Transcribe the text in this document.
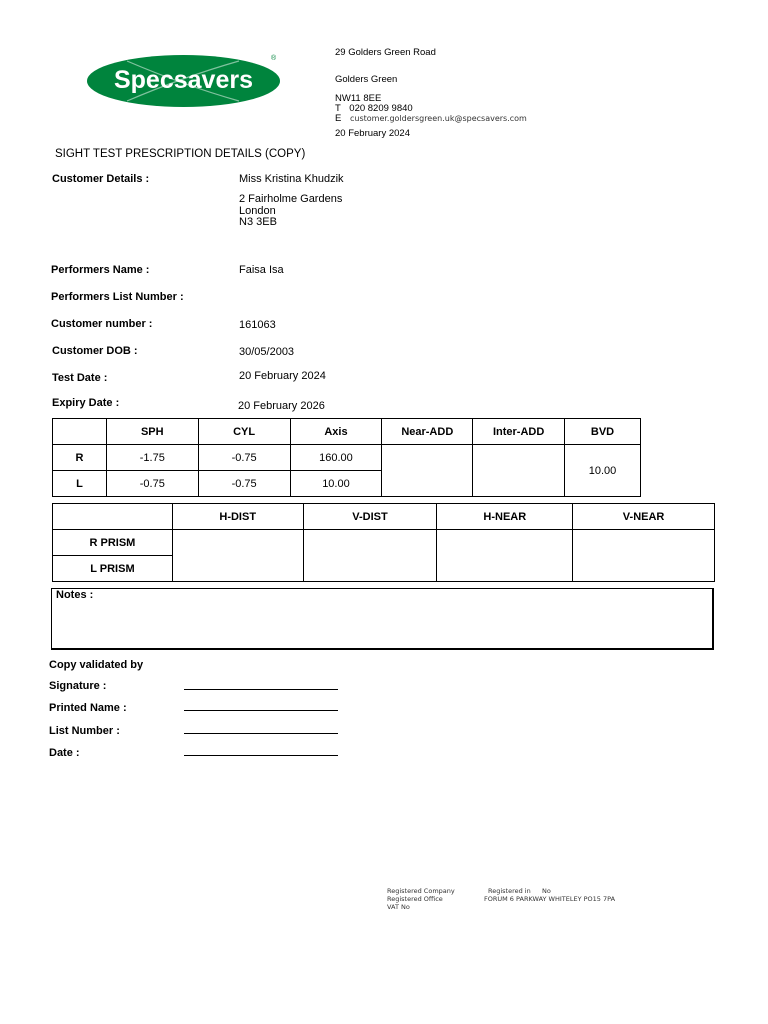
Specsavers
®
29 Golders Green Road
Golders Green
NW11 8EE
T 020 8209 9840
E customer.goldersgreen.uk@specsavers.com
20 February 2024
SIGHT TEST PRESCRIPTION DETAILS (COPY)
Customer Details :	Miss Kristina Khudzik
2 Fairholme Gardens
London
N3 3EB
Performers Name :	Faisa Isa
Performers List Number :
Customer number :	161063
Customer DOB :	30/05/2003
Test Date :	20 February 2024
Expiry Date :	20 February 2026
	SPH	CYL	Axis	Near-ADD	Inter-ADD	BVD
R	-1.75	-0.75	160.00			10.00
L	-0.75	-0.75	10.00			
	H-DIST	V-DIST	H-NEAR	V-NEAR
R PRISM				
L PRISM				
Notes :
Copy validated by
Signature :
Printed Name :
List Number :
Date :
Registered Company	Registered in No
Registered Office	FORUM 6 PARKWAY WHITELEY PO15 7PA
VAT No
